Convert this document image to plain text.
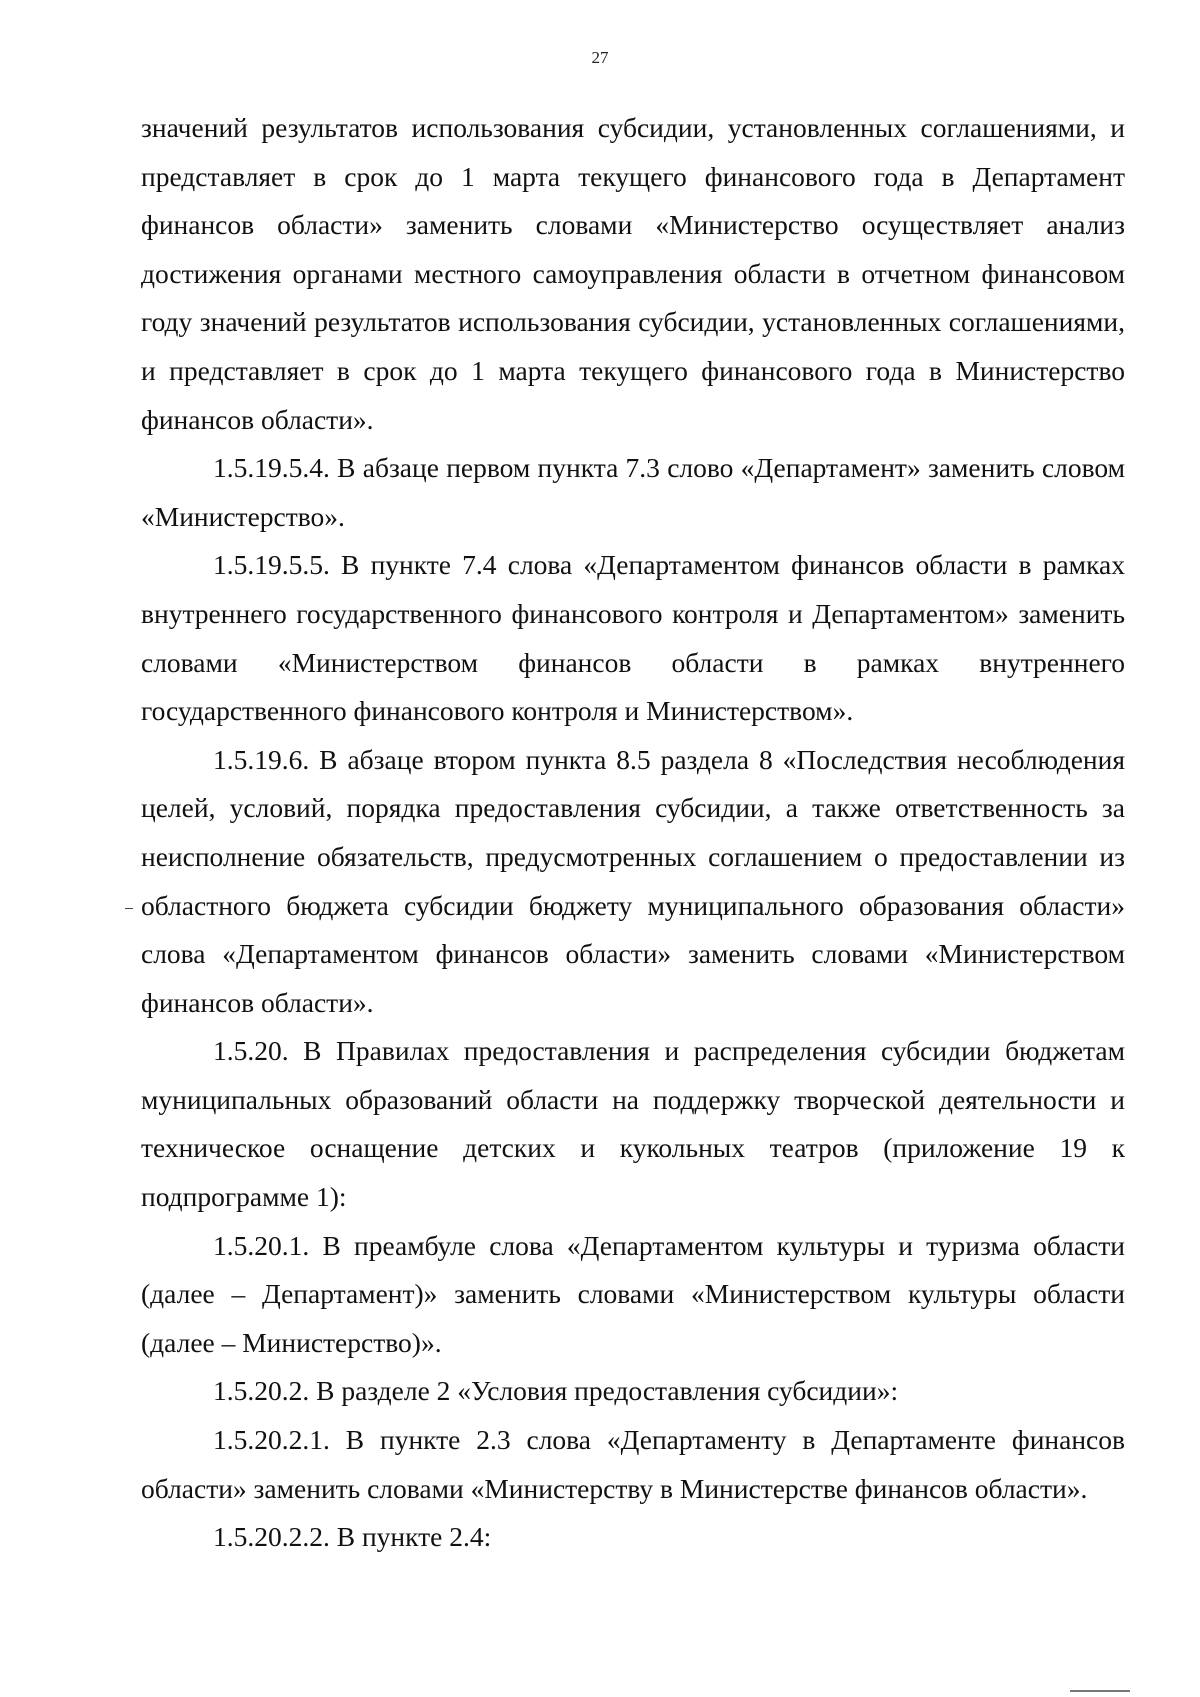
27

значений результатов использования субсидии, установленных соглашениями, и представляет в срок до 1 марта текущего финансового года в Департамент финансов области» заменить словами «Министерство осуществляет анализ достижения органами местного самоуправления области в отчетном финансовом году значений результатов использования субсидии, установленных соглашениями, и представляет в срок до 1 марта текущего финансового года в Министерство финансов области».

1.5.19.5.4. В абзаце первом пункта 7.3 слово «Департамент» заменить словом «Министерство».

1.5.19.5.5. В пункте 7.4 слова «Департаментом финансов области в рамках внутреннего государственного финансового контроля и Департаментом» заменить словами «Министерством финансов области в рамках внутреннего государственного финансового контроля и Министерством».

1.5.19.6. В абзаце втором пункта 8.5 раздела 8 «Последствия несоблюдения целей, условий, порядка предоставления субсидии, а также ответственность за неисполнение обязательств, предусмотренных соглашением о предоставлении из областного бюджета субсидии бюджету муниципального образования области» слова «Департаментом финансов области» заменить словами «Министерством финансов области».

1.5.20. В Правилах предоставления и распределения субсидии бюджетам муниципальных образований области на поддержку творческой деятельности и техническое оснащение детских и кукольных театров (приложение 19 к подпрограмме 1):

1.5.20.1. В преамбуле слова «Департаментом культуры и туризма области (далее – Департамент)» заменить словами «Министерством культуры области (далее – Министерство)».

1.5.20.2. В разделе 2 «Условия предоставления субсидии»:

1.5.20.2.1. В пункте 2.3 слова «Департаменту в Департаменте финансов области» заменить словами «Министерству в Министерстве финансов области».

1.5.20.2.2. В пункте 2.4:
